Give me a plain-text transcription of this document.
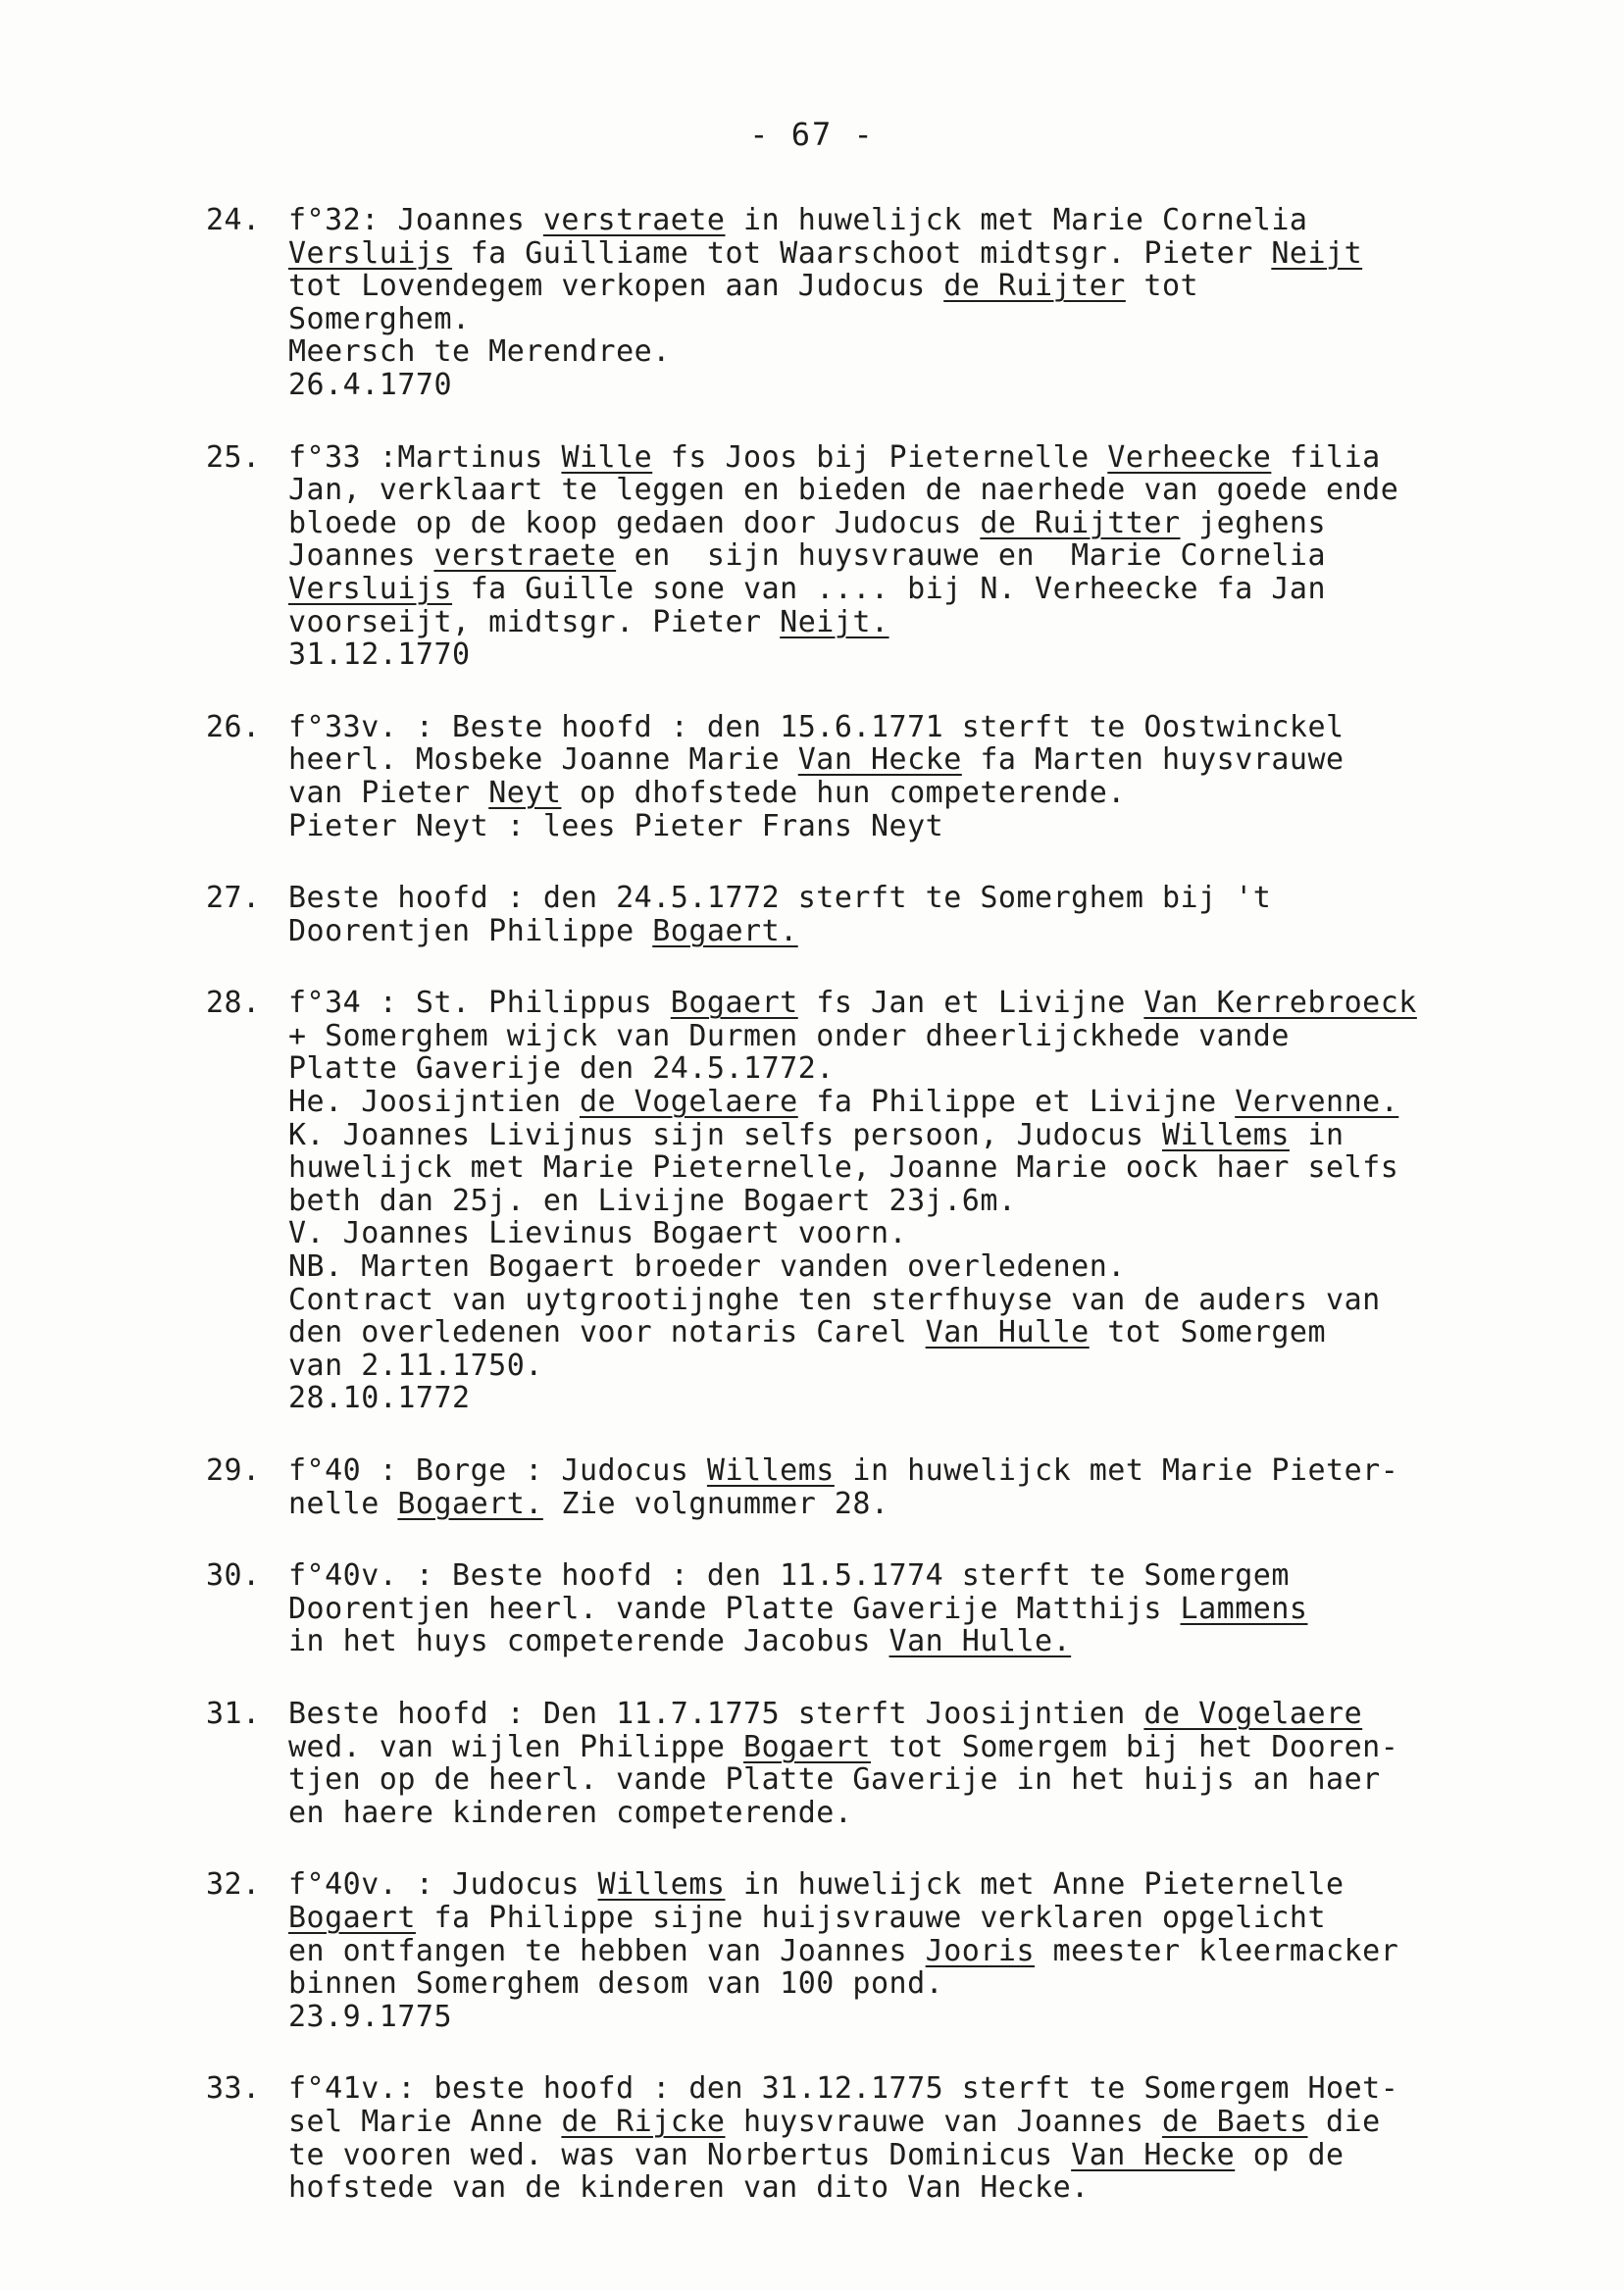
- 67 -
24. f°32: Joannes verstraete in huwelijck met Marie Cornelia
Versluijs fa Guilliame tot Waarschoot midtsgr. Pieter Neijt
tot Lovendegem verkopen aan Judocus de Ruijter tot
Somerghem.
Meersch te Merendree.
26.4.1770
25. f°33 :Martinus Wille fs Joos bij Pieternelle Verheecke filia
Jan, verklaart te leggen en bieden de naerhede van goede ende
bloede op de koop gedaen door Judocus de Ruijtter jeghens
Joannes verstraete en  sijn huysvrauwe en  Marie Cornelia
Versluijs fa Guille sone van .... bij N. Verheecke fa Jan
voorseijt, midtsgr. Pieter Neijt.
31.12.1770
26. f°33v. : Beste hoofd : den 15.6.1771 sterft te Oostwinckel
heerl. Mosbeke Joanne Marie Van Hecke fa Marten huysvrauwe
van Pieter Neyt op dhofstede hun competerende.
Pieter Neyt : lees Pieter Frans Neyt
27. Beste hoofd : den 24.5.1772 sterft te Somerghem bij 't
Doorentjen Philippe Bogaert.
28. f°34 : St. Philippus Bogaert fs Jan et Livijne Van Kerrebroeck
+ Somerghem wijck van Durmen onder dheerlijckhede vande
Platte Gaverije den 24.5.1772.
He. Joosijntien de Vogelaere fa Philippe et Livijne Vervenne.
K. Joannes Livijnus sijn selfs persoon, Judocus Willems in
huwelijck met Marie Pieternelle, Joanne Marie oock haer selfs
beth dan 25j. en Livijne Bogaert 23j.6m.
V. Joannes Lievinus Bogaert voorn.
NB. Marten Bogaert broeder vanden overledenen.
Contract van uytgrootijnghe ten sterfhuyse van de auders van
den overledenen voor notaris Carel Van Hulle tot Somergem
van 2.11.1750.
28.10.1772
29. f°40 : Borge : Judocus Willems in huwelijck met Marie Pieter-
nelle Bogaert. Zie volgnummer 28.
30. f°40v. : Beste hoofd : den 11.5.1774 sterft te Somergem
Doorentjen heerl. vande Platte Gaverije Matthijs Lammens
in het huys competerende Jacobus Van Hulle.
31. Beste hoofd : Den 11.7.1775 sterft Joosijntien de Vogelaere
wed. van wijlen Philippe Bogaert tot Somergem bij het Dooren-
tjen op de heerl. vande Platte Gaverije in het huijs an haer
en haere kinderen competerende.
32. f°40v. : Judocus Willems in huwelijck met Anne Pieternelle
Bogaert fa Philippe sijne huijsvrauwe verklaren opgelicht
en ontfangen te hebben van Joannes Jooris meester kleermacker
binnen Somerghem desom van 100 pond.
23.9.1775
33. f°41v.: beste hoofd : den 31.12.1775 sterft te Somergem Hoet-
sel Marie Anne de Rijcke huysvrauwe van Joannes de Baets die
te vooren wed. was van Norbertus Dominicus Van Hecke op de
hofstede van de kinderen van dito Van Hecke.
